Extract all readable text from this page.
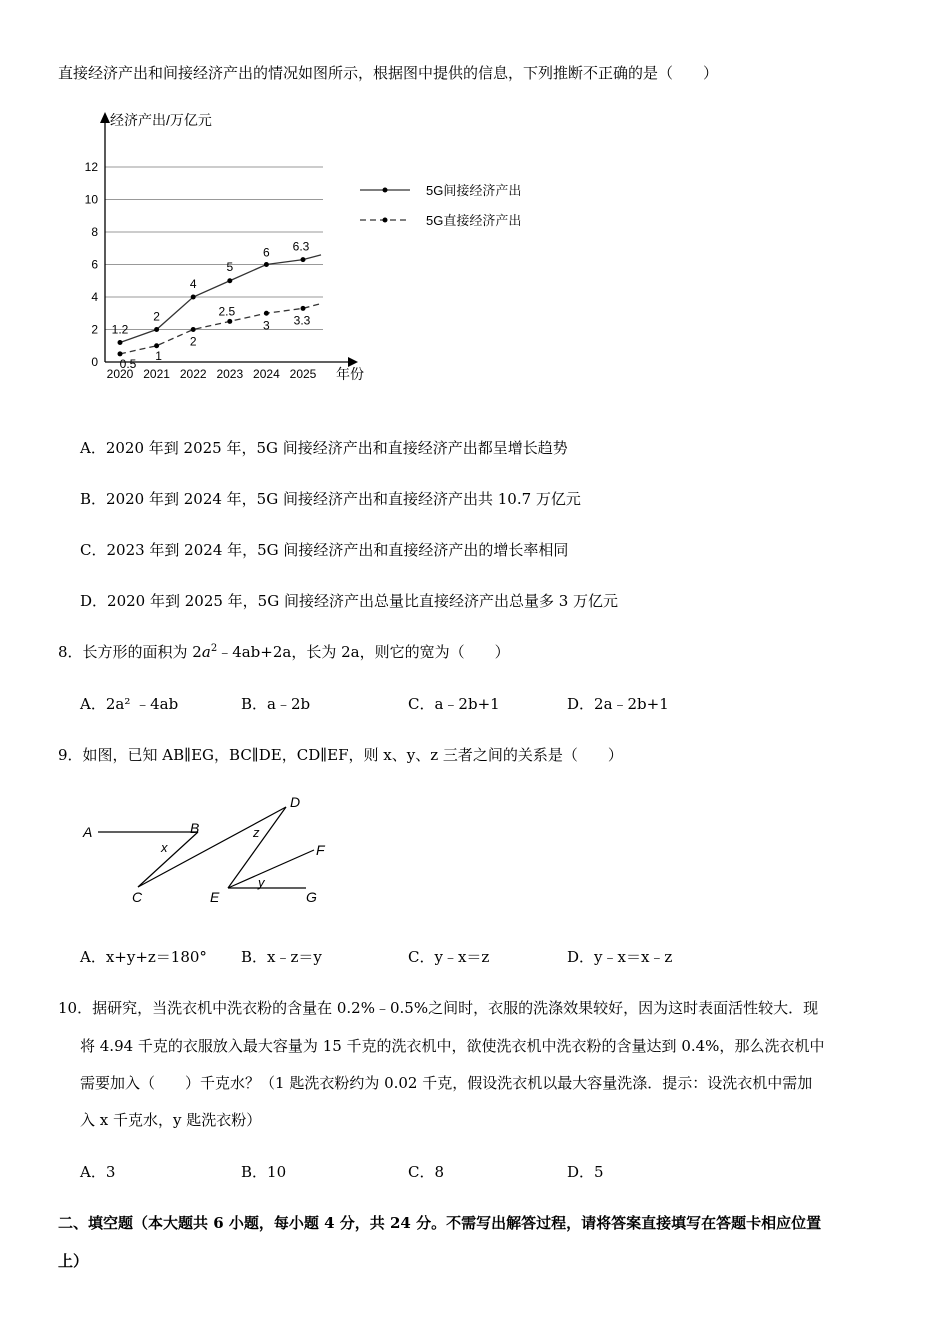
直接经济产出和间接经济产出的情况如图所示，根据图中提供的信息，下列推断不正确的是（　　）
0
2
4
6
8
10
12
经济产出/万亿元
年份
2020 2021 2022 2023 2024 2025
1.2
2
4
5
6 6.3
0.5
1
2
2.5
3 3.3
5G间接经济产出
5G直接经济产出
A．2020 年到 2025 年，5G 间接经济产出和直接经济产出都呈增长趋势
B．2020 年到 2024 年，5G 间接经济产出和直接经济产出共 10.7 万亿元
C．2023 年到 2024 年，5G 间接经济产出和直接经济产出的增长率相同
D．2020 年到 2025 年，5G 间接经济产出总量比直接经济产出总量多 3 万亿元
8．长方形的面积为 $2a^2﹣4ab+2a$，长为 2a，则它的宽为（　　）
A．2a² ﹣4ab	B．a﹣2b	C．a﹣2b+1	D．2a﹣2b+1
9．如图，已知 AB∥EG，BC∥DE，CD∥EF，则 x、y、z 三者之间的关系是（　　）
A	B
C
D
E
F
G
x
y
z
A．x+y+z＝180° B．x﹣z＝y	C．y﹣x＝z	D．y﹣x＝x﹣z
10．据研究，当洗衣机中洗衣粉的含量在 0.2%﹣0.5%之间时，衣服的洗涤效果较好，因为这时表面活性较大．现
将 4.94 千克的衣服放入最大容量为 15 千克的洗衣机中，欲使洗衣机中洗衣粉的含量达到 0.4%，那么洗衣机中
需要加入（　　）千克水？（1 匙洗衣粉约为 0.02 千克，假设洗衣机以最大容量洗涤．提示：设洗衣机中需加
入 x 千克水，y 匙洗衣粉）
A．3	B．10	C．8	D．5
二、填空题（本大题共 6 小题，每小题 4 分，共 24 分。不需写出解答过程，请将答案直接填写在答题卡相应位置
上）
